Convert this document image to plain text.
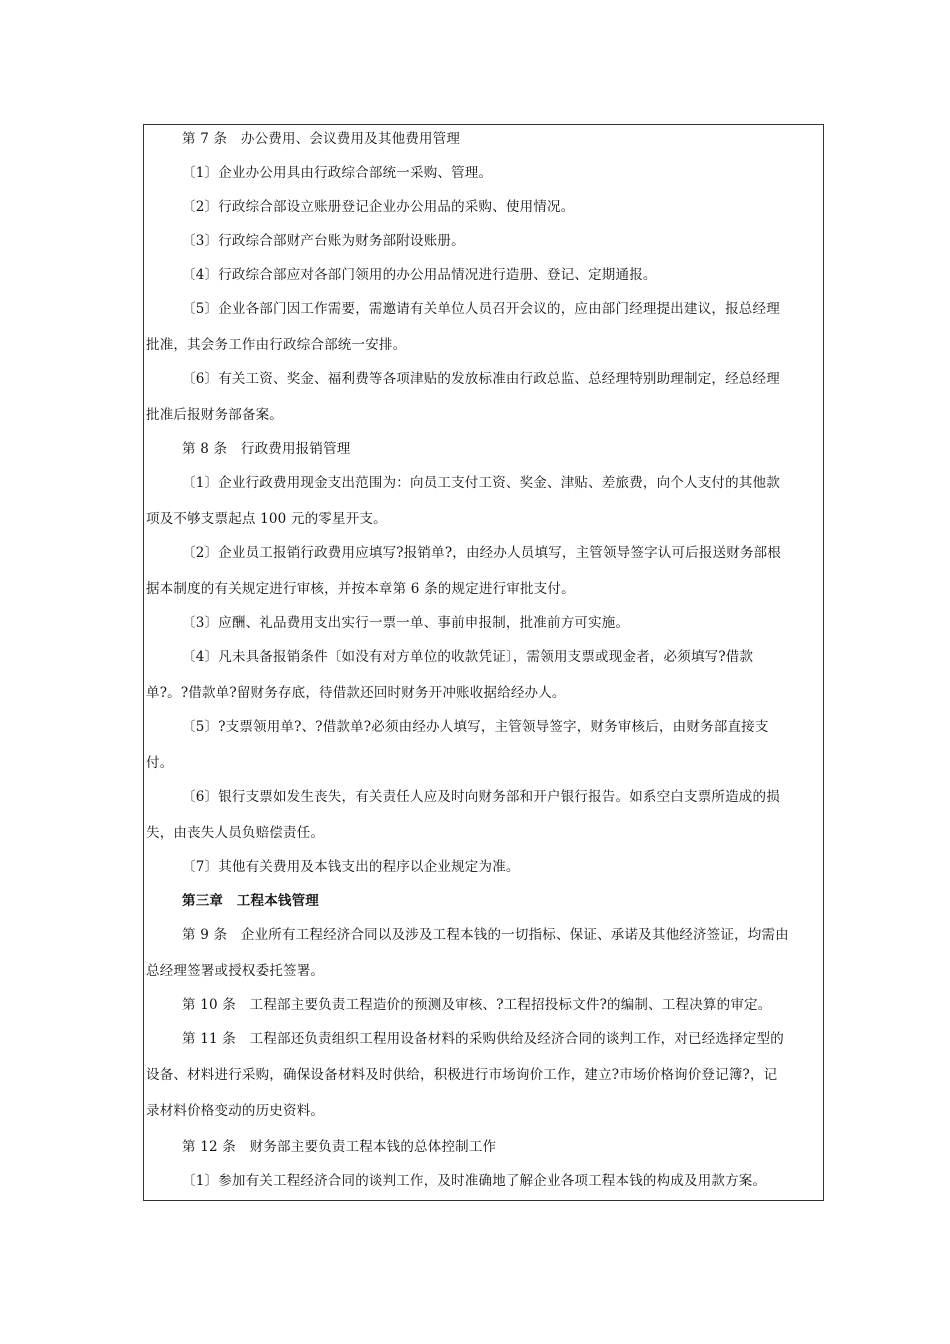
第 7 条　办公费用、会议费用及其他费用管理
〔1〕企业办公用具由行政综合部统一采购、管理。
〔2〕行政综合部设立账册登记企业办公用品的采购、使用情况。
〔3〕行政综合部财产台账为财务部附设账册。
〔4〕行政综合部应对各部门领用的办公用品情况进行造册、登记、定期通报。
〔5〕企业各部门因工作需要，需邀请有关单位人员召开会议的，应由部门经理提出建议，报总经理
批准，其会务工作由行政综合部统一安排。
〔6〕有关工资、奖金、福利费等各项津贴的发放标准由行政总监、总经理特别助理制定，经总经理
批准后报财务部备案。
第 8 条　行政费用报销管理
〔1〕企业行政费用现金支出范围为：向员工支付工资、奖金、津贴、差旅费，向个人支付的其他款
项及不够支票起点 100 元的零星开支。
〔2〕企业员工报销行政费用应填写?报销单?，由经办人员填写，主管领导签字认可后报送财务部根
据本制度的有关规定进行审核，并按本章第 6 条的规定进行审批支付。
〔3〕应酬、礼品费用支出实行一票一单、事前申报制，批准前方可实施。
〔4〕凡未具备报销条件〔如没有对方单位的收款凭证〕，需领用支票或现金者，必须填写?借款
单?。?借款单?留财务存底，待借款还回时财务开冲账收据给经办人。
〔5〕?支票领用单?、?借款单?必须由经办人填写，主管领导签字，财务审核后，由财务部直接支
付。
〔6〕银行支票如发生丧失，有关责任人应及时向财务部和开户银行报告。如系空白支票所造成的损
失，由丧失人员负赔偿责任。
〔7〕其他有关费用及本钱支出的程序以企业规定为准。
第三章　工程本钱管理
第 9 条　企业所有工程经济合同以及涉及工程本钱的一切指标、保证、承诺及其他经济签证，均需由
总经理签署或授权委托签署。
第 10 条　工程部主要负责工程造价的预测及审核、?工程招投标文件?的编制、工程决算的审定。
第 11 条　工程部还负责组织工程用设备材料的采购供给及经济合同的谈判工作，对已经选择定型的
设备、材料进行采购，确保设备材料及时供给，积极进行市场询价工作，建立?市场价格询价登记簿?，记
录材料价格变动的历史资料。
第 12 条　财务部主要负责工程本钱的总体控制工作
〔1〕参加有关工程经济合同的谈判工作，及时准确地了解企业各项工程本钱的构成及用款方案。
